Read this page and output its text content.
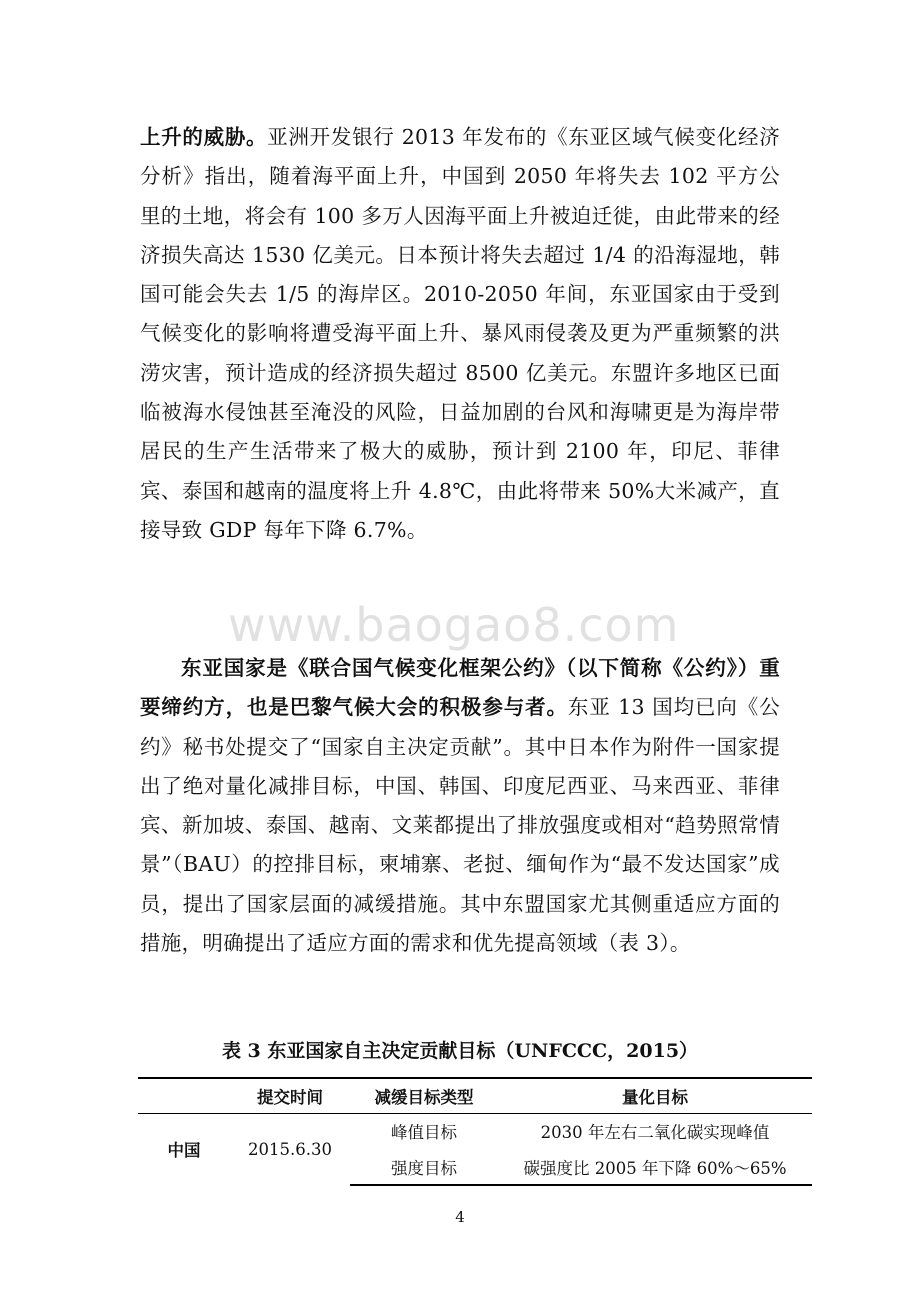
上升的威胁。亚洲开发银行 2013 年发布的《东亚区域气候变化经济分析》指出，随着海平面上升，中国到 2050 年将失去 102 平方公里的土地，将会有 100 多万人因海平面上升被迫迁徙，由此带来的经济损失高达 1530 亿美元。日本预计将失去超过 1/4 的沿海湿地，韩国可能会失去 1/5 的海岸区。2010-2050 年间，东亚国家由于受到气候变化的影响将遭受海平面上升、暴风雨侵袭及更为严重频繁的洪涝灾害，预计造成的经济损失超过 8500 亿美元。东盟许多地区已面临被海水侵蚀甚至淹没的风险，日益加剧的台风和海啸更是为海岸带居民的生产生活带来了极大的威胁，预计到 2100 年，印尼、菲律宾、泰国和越南的温度将上升 4.8℃，由此将带来 50%大米减产，直接导致 GDP 每年下降 6.7%。

www.baogao8.com

东亚国家是《联合国气候变化框架公约》（以下简称《公约》）重要缔约方，也是巴黎气候大会的积极参与者。东亚 13 国均已向《公约》秘书处提交了“国家自主决定贡献”。其中日本作为附件一国家提出了绝对量化减排目标，中国、韩国、印度尼西亚、马来西亚、菲律宾、新加坡、泰国、越南、文莱都提出了排放强度或相对“趋势照常情景”（BAU）的控排目标，柬埔寨、老挝、缅甸作为“最不发达国家”成员，提出了国家层面的减缓措施。其中东盟国家尤其侧重适应方面的措施，明确提出了适应方面的需求和优先提高领域（表 3）。

表 3 东亚国家自主决定贡献目标（UNFCCC，2015）
	提交时间	减缓目标类型	量化目标
中国	2015.6.30	峰值目标	2030 年左右二氧化碳实现峰值
		强度目标	碳强度比 2005 年下降 60%～65%
4
